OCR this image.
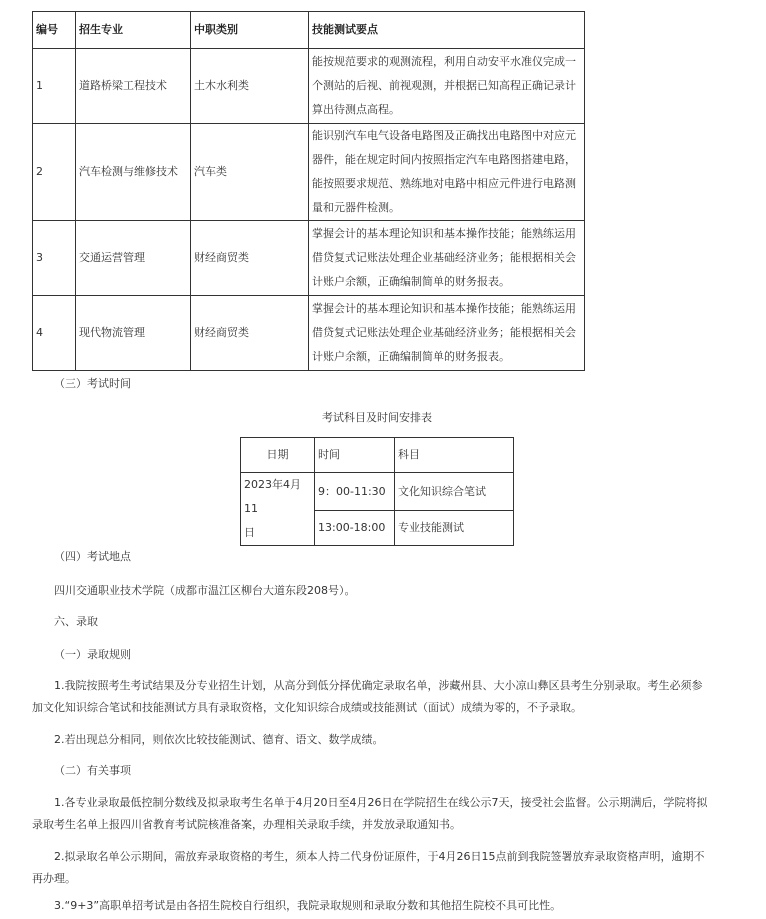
编号	招生专业	中职类别	技能测试要点
1	道路桥梁工程技术	土木水利类	能按规范要求的观测流程，利用自动安平水准仪完成一
个测站的后视、前视观测，并根据已知高程正确记录计
算出待测点高程。

2	汽车检测与维修技术	汽车类	能识别汽车电气设备电路图及正确找出电路图中对应元
器件，能在规定时间内按照指定汽车电路图搭建电路，
能按照要求规范、熟练地对电路中相应元件进行电路测
量和元器件检测。

3	交通运营管理	财经商贸类	掌握会计的基本理论知识和基本操作技能；能熟练运用
借贷复式记账法处理企业基础经济业务；能根据相关会
计账户余额，正确编制简单的财务报表。

4	现代物流管理	财经商贸类	掌握会计的基本理论知识和基本操作技能；能熟练运用
借贷复式记账法处理企业基础经济业务；能根据相关会
计账户余额，正确编制简单的财务报表。

（三）考试时间

考试科目及时间安排表

日期	时间	科目

2023年4月11
日	9：00-11:30	文化知识综合笔试
	13:00-18:00	专业技能测试

（四）考试地点

四川交通职业技术学院（成都市温江区柳台大道东段208号）。

六、录取

（一）录取规则

1.我院按照考生考试结果及分专业招生计划，从高分到低分择优确定录取名单，涉藏州县、大小凉山彝区县考生分别录取。考生必须参
加文化知识综合笔试和技能测试方具有录取资格，文化知识综合成绩或技能测试（面试）成绩为零的，不予录取。

2.若出现总分相同，则依次比较技能测试、德育、语文、数学成绩。

（二）有关事项

1.各专业录取最低控制分数线及拟录取考生名单于4月20日至4月26日在学院招生在线公示7天，接受社会监督。公示期满后，学院将拟
录取考生名单上报四川省教育考试院核准备案，办理相关录取手续，并发放录取通知书。
2.拟录取名单公示期间，需放弃录取资格的考生，须本人持二代身份证原件，于4月26日15点前到我院签署放弃录取资格声明，逾期不
再办理。

3.“9+3”高职单招考试是由各招生院校自行组织，我院录取规则和录取分数和其他招生院校不具可比性。
